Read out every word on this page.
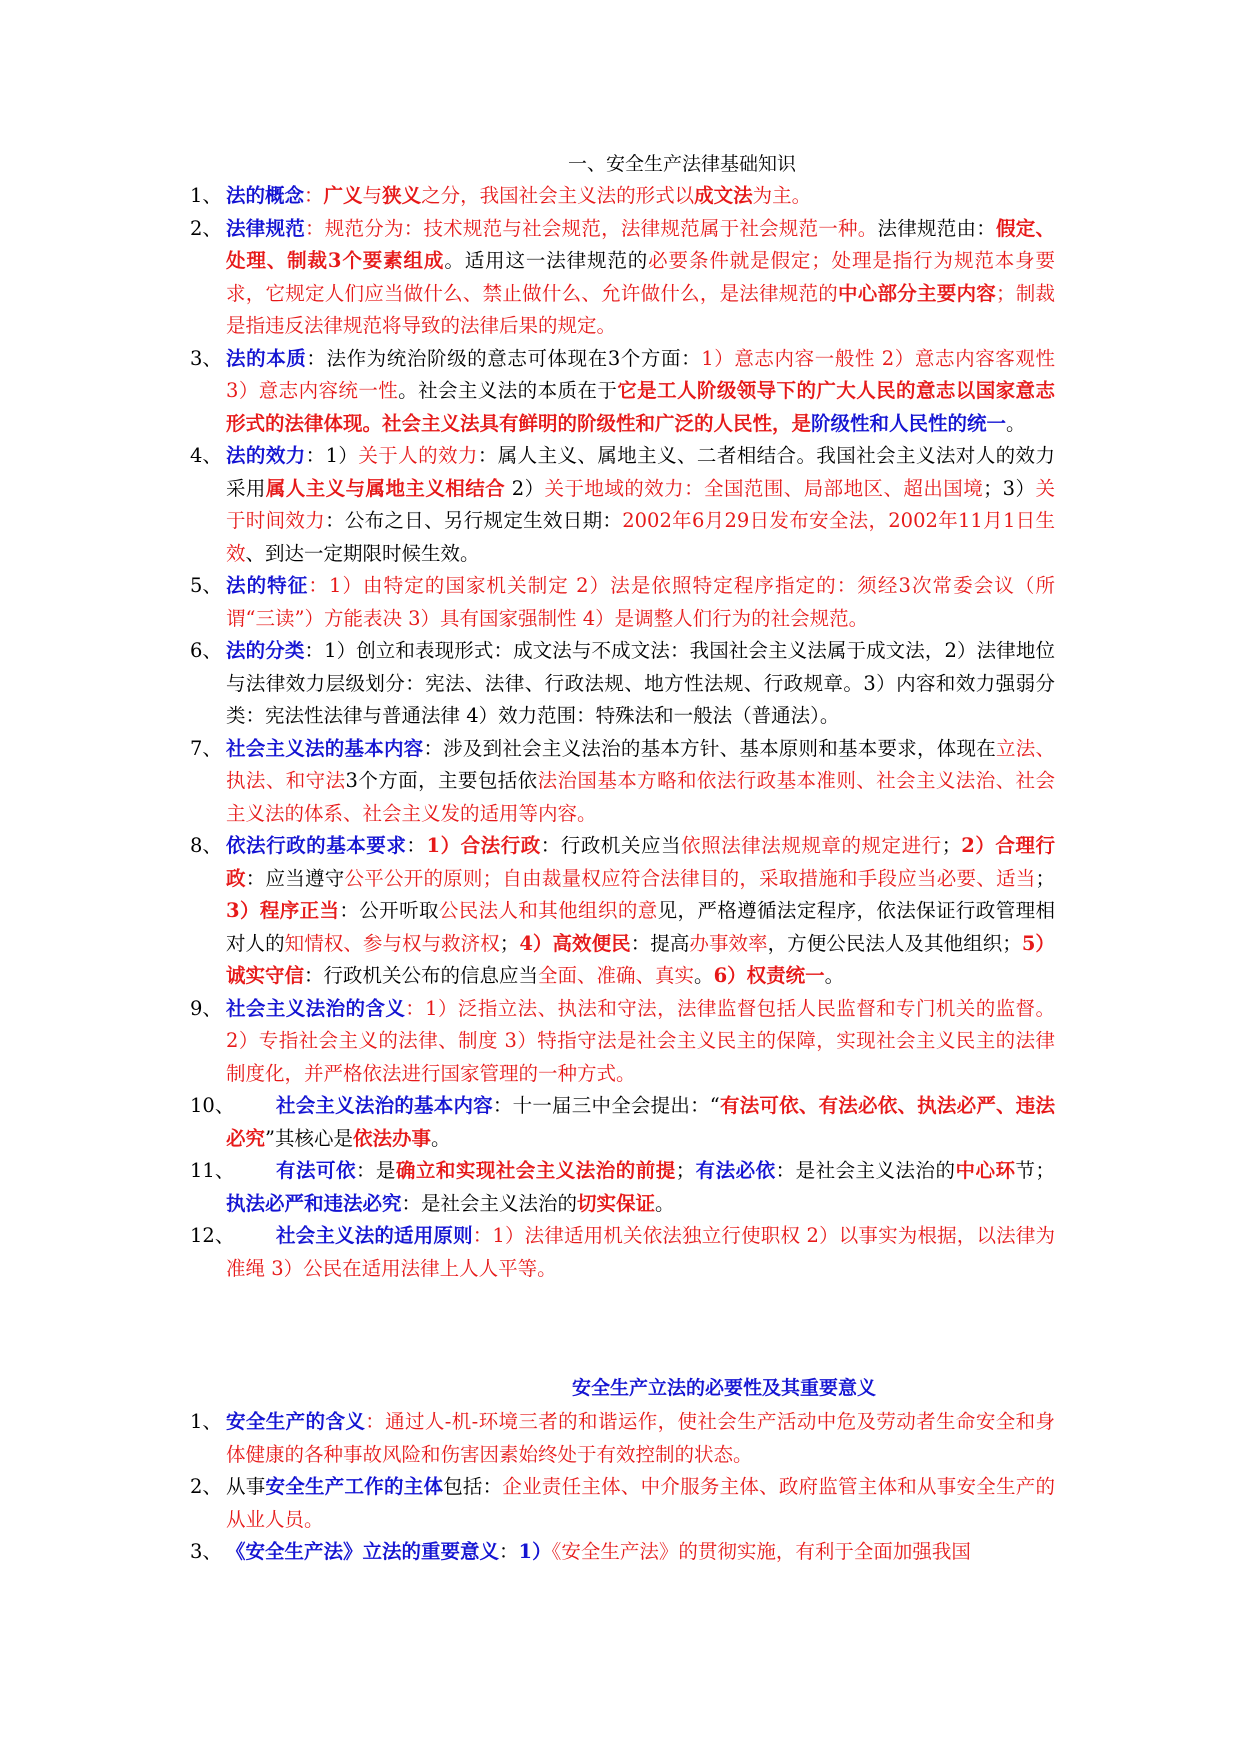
一、安全生产法律基础知识
1、 法的概念：广义与狭义之分，我国社会主义法的形式以成文法为主。
2、 法律规范：规范分为：技术规范与社会规范，法律规范属于社会规范一种。法律规范由：假定、处理、制裁3个要素组成。适用这一法律规范的必要条件就是假定；处理是指行为规范本身要求，它规定人们应当做什么、禁止做什么、允许做什么，是法律规范的中心部分主要内容；制裁是指违反法律规范将导致的法律后果的规定。
3、 法的本质：法作为统治阶级的意志可体现在3个方面：1）意志内容一般性 2）意志内容客观性 3）意志内容统一性。社会主义法的本质在于它是工人阶级领导下的广大人民的意志以国家意志形式的法律体现。社会主义法具有鲜明的阶级性和广泛的人民性，是阶级性和人民性的统一。
4、 法的效力：1）关于人的效力：属人主义、属地主义、二者相结合。我国社会主义法对人的效力采用属人主义与属地主义相结合 2）关于地域的效力：全国范围、局部地区、超出国境；3）关于时间效力：公布之日、另行规定生效日期：2002年6月29日发布安全法，2002年11月1日生效、到达一定期限时候生效。
5、 法的特征：1）由特定的国家机关制定 2）法是依照特定程序指定的：须经3次常委会议（所谓“三读”）方能表决 3）具有国家强制性 4）是调整人们行为的社会规范。
6、 法的分类：1）创立和表现形式：成文法与不成文法：我国社会主义法属于成文法，2）法律地位与法律效力层级划分：宪法、法律、行政法规、地方性法规、行政规章。3）内容和效力强弱分类：宪法性法律与普通法律 4）效力范围：特殊法和一般法（普通法）。
7、 社会主义法的基本内容：涉及到社会主义法治的基本方针、基本原则和基本要求，体现在立法、执法、和守法3个方面，主要包括依法治国基本方略和依法行政基本准则、社会主义法治、社会主义法的体系、社会主义发的适用等内容。
8、 依法行政的基本要求：1）合法行政：行政机关应当依照法律法规规章的规定进行；2）合理行政：应当遵守公平公开的原则；自由裁量权应符合法律目的，采取措施和手段应当必要、适当；3）程序正当：公开听取公民法人和其他组织的意见，严格遵循法定程序，依法保证行政管理相对人的知情权、参与权与救济权；4）高效便民：提高办事效率，方便公民法人及其他组织；5）诚实守信：行政机关公布的信息应当全面、准确、真实。6）权责统一。
9、 社会主义法治的含义：1）泛指立法、执法和守法，法律监督包括人民监督和专门机关的监督。2）专指社会主义的法律、制度 3）特指守法是社会主义民主的保障，实现社会主义民主的法律制度化，并严格依法进行国家管理的一种方式。
10、	社会主义法治的基本内容：十一届三中全会提出：“有法可依、有法必依、执法必严、违法必究”其核心是依法办事。
11、	有法可依：是确立和实现社会主义法治的前提；有法必依：是社会主义法治的中心环节；执法必严和违法必究：是社会主义法治的切实保证。
12、	社会主义法的适用原则：1）法律适用机关依法独立行使职权 2）以事实为根据，以法律为准绳 3）公民在适用法律上人人平等。
安全生产立法的必要性及其重要意义
1、 安全生产的含义：通过人-机-环境三者的和谐运作，使社会生产活动中危及劳动者生命安全和身体健康的各种事故风险和伤害因素始终处于有效控制的状态。
2、 从事安全生产工作的主体包括：企业责任主体、中介服务主体、政府监管主体和从事安全生产的从业人员。
3、 《安全生产法》立法的重要意义：1）《安全生产法》的贯彻实施，有利于全面加强我国
